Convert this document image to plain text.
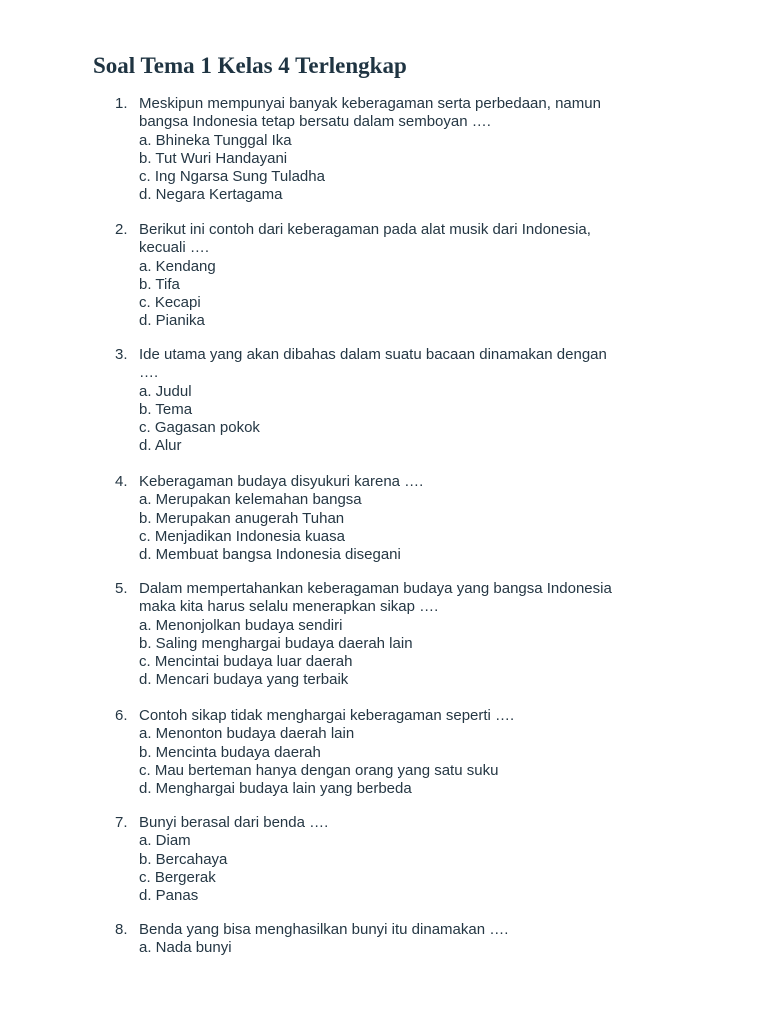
Soal Tema 1 Kelas 4 Terlengkap
1. Meskipun mempunyai banyak keberagaman serta perbedaan, namun
bangsa Indonesia tetap bersatu dalam semboyan ….
a. Bhineka Tunggal Ika
b. Tut Wuri Handayani
c. Ing Ngarsa Sung Tuladha
d. Negara Kertagama
2. Berikut ini contoh dari keberagaman pada alat musik dari Indonesia,
kecuali ….
a. Kendang
b. Tifa
c. Kecapi
d. Pianika
3. Ide utama yang akan dibahas dalam suatu bacaan dinamakan dengan
….
a. Judul
b. Tema
c. Gagasan pokok
d. Alur
4. Keberagaman budaya disyukuri karena ….
a. Merupakan kelemahan bangsa
b. Merupakan anugerah Tuhan
c. Menjadikan Indonesia kuasa
d. Membuat bangsa Indonesia disegani
5. Dalam mempertahankan keberagaman budaya yang bangsa Indonesia
maka kita harus selalu menerapkan sikap ….
a. Menonjolkan budaya sendiri
b. Saling menghargai budaya daerah lain
c. Mencintai budaya luar daerah
d. Mencari budaya yang terbaik
6. Contoh sikap tidak menghargai keberagaman seperti ….
a. Menonton budaya daerah lain
b. Mencinta budaya daerah
c. Mau berteman hanya dengan orang yang satu suku
d. Menghargai budaya lain yang berbeda
7. Bunyi berasal dari benda ….
a. Diam
b. Bercahaya
c. Bergerak
d. Panas
8. Benda yang bisa menghasilkan bunyi itu dinamakan ….
a. Nada bunyi
